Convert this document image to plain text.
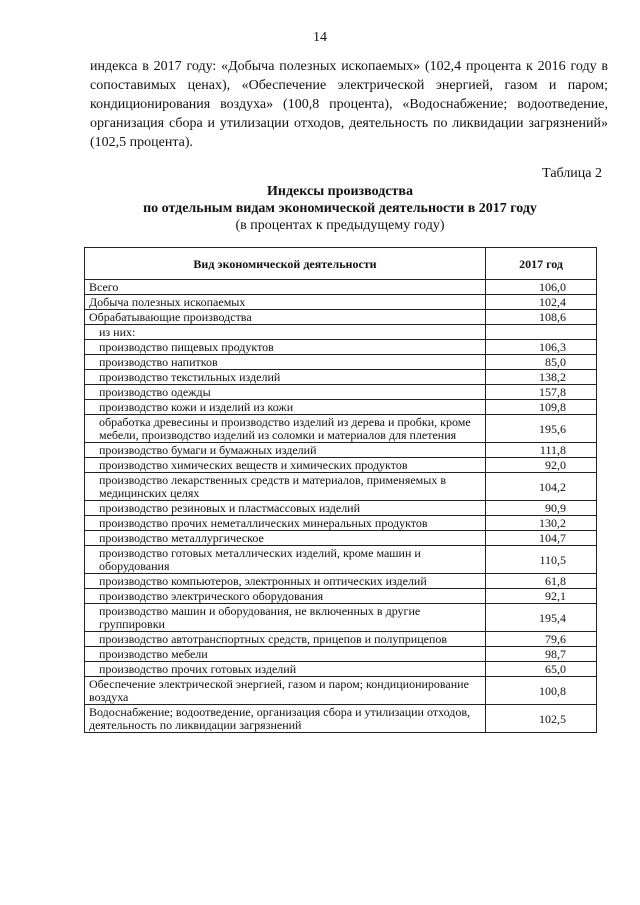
14
индекса в 2017 году: «Добыча полезных ископаемых» (102,4 процента к 2016 году в сопоставимых ценах), «Обеспечение электрической энергией, газом и паром; кондиционирования воздуха» (100,8 процента), «Водоснабжение; водоотведение, организация сбора и утилизации отходов, деятельность по ликвидации загрязнений» (102,5 процента).
Таблица 2
Индексы производства
по отдельным видам экономической деятельности в 2017 году
(в процентах к предыдущему году)
Вид экономической деятельности	2017 год
Всего	106,0
Добыча полезных ископаемых	102,4
Обрабатывающие производства	108,6
из них:	
производство пищевых продуктов	106,3
производство напитков	85,0
производство текстильных изделий	138,2
производство одежды	157,8
производство кожи и изделий из кожи	109,8
обработка древесины и производство изделий из дерева и пробки, кроме мебели, производство изделий из соломки и материалов для плетения	195,6
производство бумаги и бумажных изделий	111,8
производство химических веществ и химических продуктов	92,0
производство лекарственных средств и материалов, применяемых в медицинских целях	104,2
производство резиновых и пластмассовых изделий	90,9
производство прочих неметаллических минеральных продуктов	130,2
производство металлургическое	104,7
производство готовых металлических изделий, кроме машин и оборудования	110,5
производство компьютеров, электронных и оптических изделий	61,8
производство электрического оборудования	92,1
производство машин и оборудования, не включенных в другие группировки	195,4
производство автотранспортных средств, прицепов и полуприцепов	79,6
производство мебели	98,7
производство прочих готовых изделий	65,0
Обеспечение электрической энергией, газом и паром; кондиционирование воздуха	100,8
Водоснабжение; водоотведение, организация сбора и утилизации отходов, деятельность по ликвидации загрязнений	102,5
